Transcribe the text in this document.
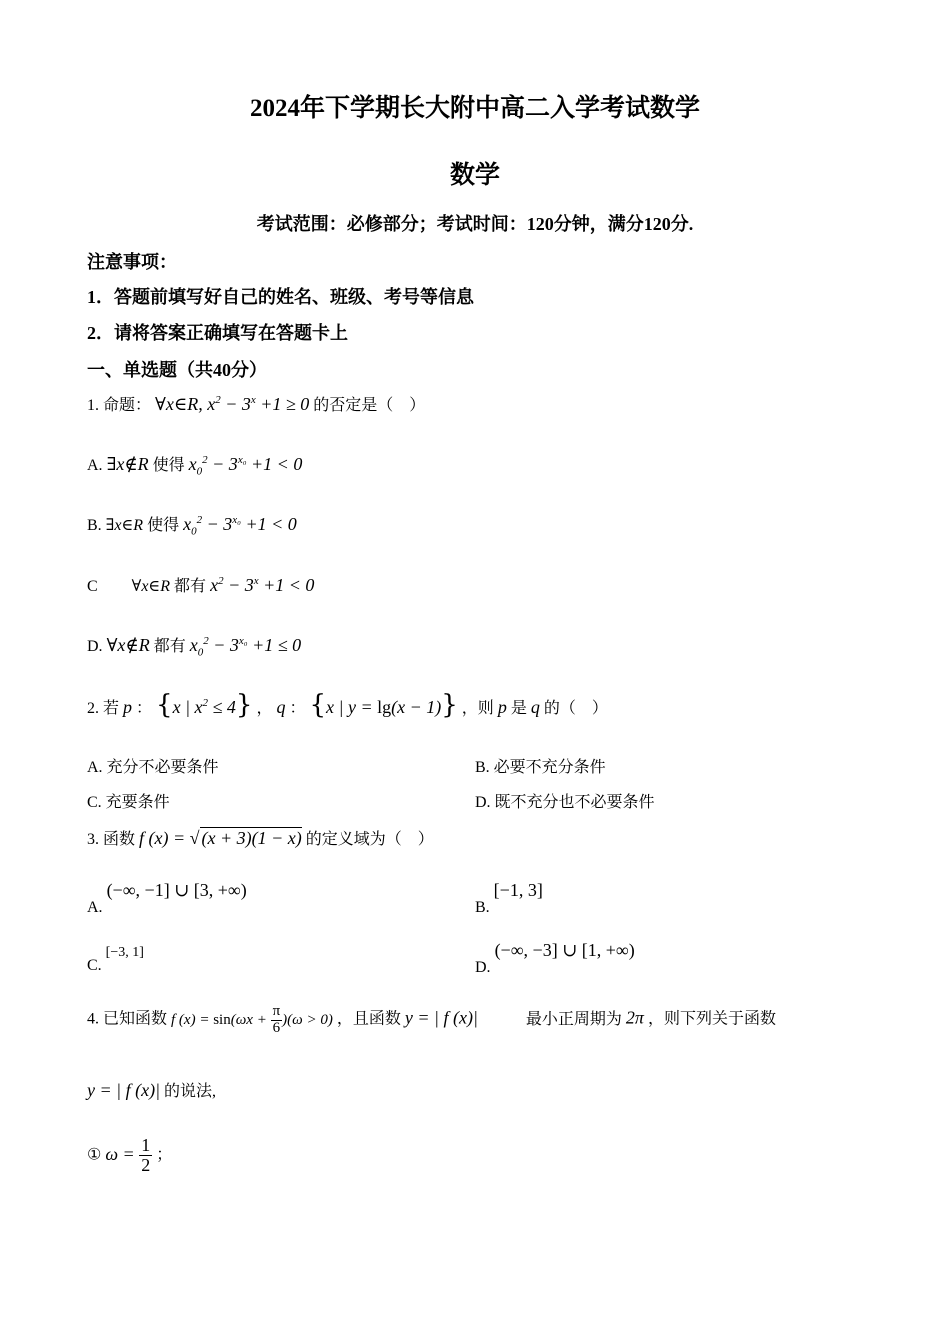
2024年下学期长大附中高二入学考试数学
数学
考试范围：必修部分；考试时间：120分钟，满分120分.
注意事项：
1．答题前填写好自己的姓名、班级、考号等信息
2．请将答案正确填写在答题卡上
一、单选题（共40分）
1. 命题： ∀x∈R, $x^2 - 3^x +1 \ge 0$ 的否定是（　）
A. ∃x∉R 使得 $x_0^2 - 3^{x_0} +1 < 0$
B. ∃x∈R 使得 $x_0^2 - 3^{x_0} +1 < 0$
C ∀x∈R 都有 $x^2 - 3^x +1 < 0$
D. ∀x∉R 都有 $x_0^2 - 3^{x_0} +1 \le 0$
2. 若 p ： {x | $x^2 \le 4$} ， q ： {x | y = lg(x − 1)} ，则 p 是 q 的（　）
A. 充分不必要条件	B. 必要不充分条件
C. 充要条件	D. 既不充分也不必要条件
3. 函数 f (x) = √ (x + 3)(1 − x) 的定义域为（　）
A. (−∞, −1] ∪ [3, +∞)
B. [−1, 3]
C. [−3, 1]
D. (−∞, −3] ∪ [1, +∞)
4. 已知函数 f $(x) = \sin(\omega x + \frac{\pi}{6} )(\omega > 0)$ ，且函数 y = | f (x)|	最小正周期为 2π ，则下列关于函数
y = | f (x)| 的说法,
① $\omega = \frac{1}{2}$ ；
